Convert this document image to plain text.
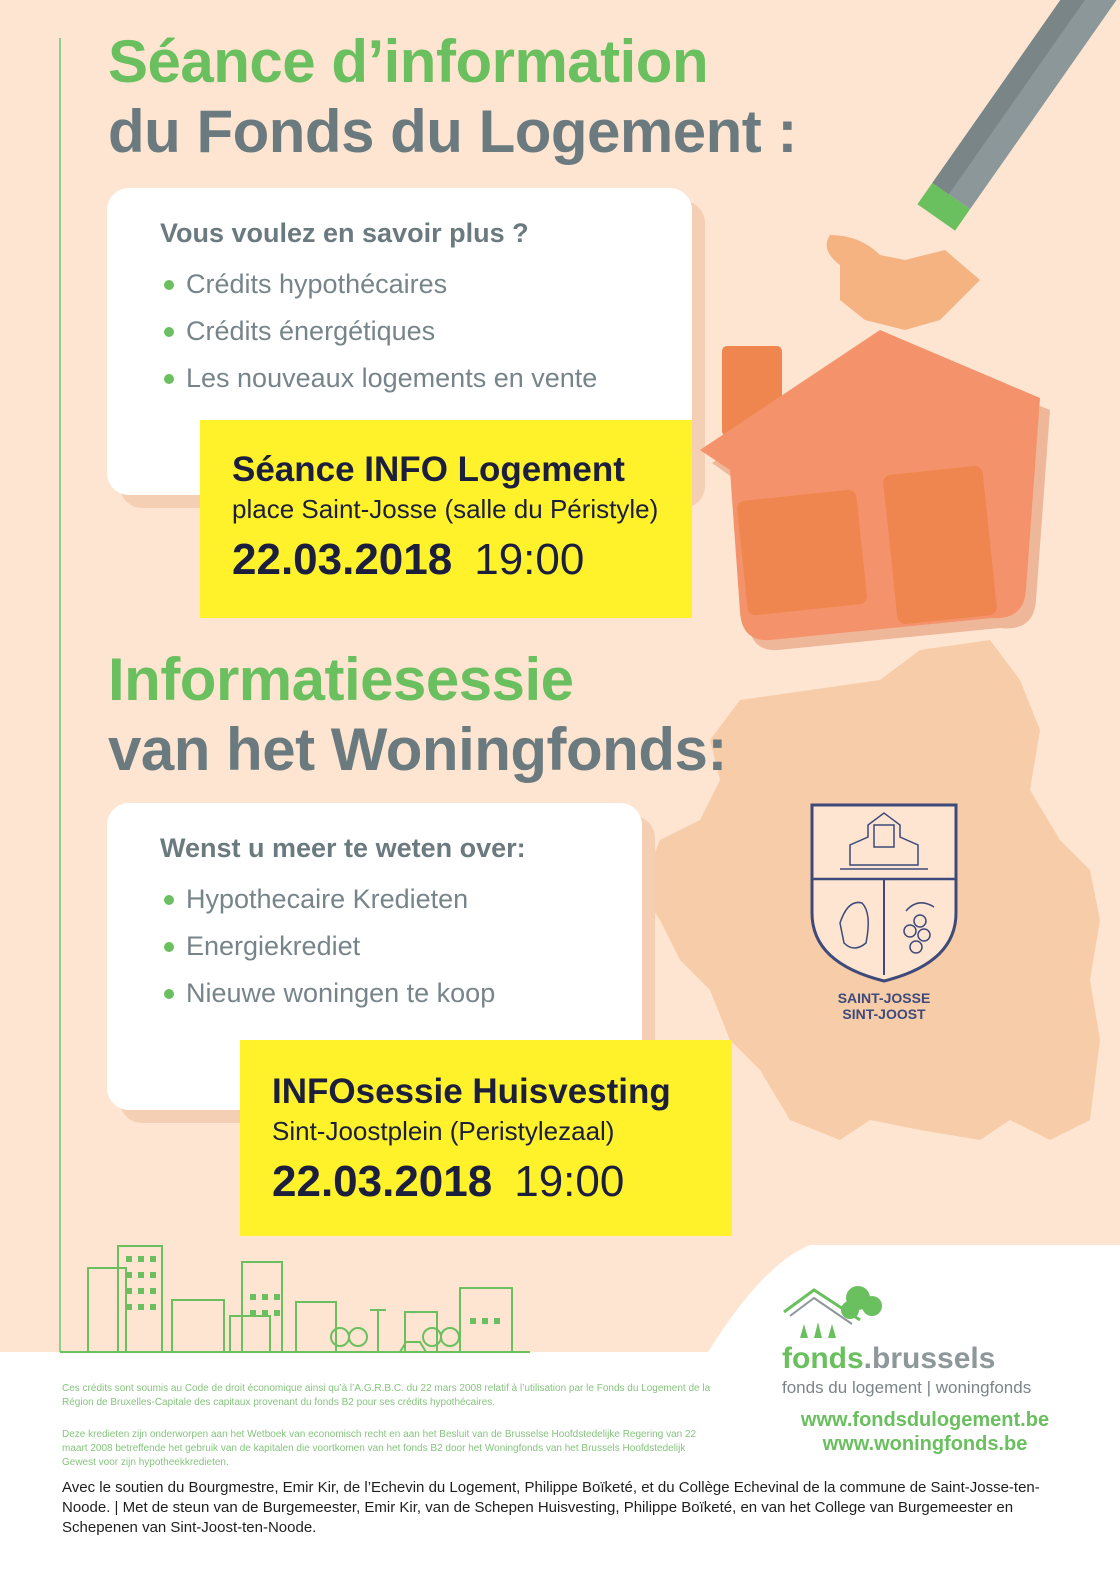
Séance d’information
du Fonds du Logement :

Vous voulez en savoir plus ?

Crédits hypothécaires
Crédits énergétiques
Les nouveaux logements en vente
Séance INFO Logement
place Saint-Josse (salle du Péristyle)
22.03.2018 19:00
Informatiesessie
van het Woningfonds:

Wenst u meer te weten over:

Hypothecaire Kredieten
Energiekrediet
Nieuwe woningen te koop
INFOsessie Huisvesting
Sint-Joostplein (Peristylezaal)
22.03.2018 19:00
SAINT-JOSSE
SINT-JOOST
Ces crédits sont soumis au Code de droit économique ainsi qu’à l’A.G.R.B.C. du 22 mars 2008 relatif à l’utilisation par le Fonds du Logement de la Région de Bruxelles-Capitale des capitaux provenant du fonds B2 pour ses crédits hypothécaires.
Deze kredieten zijn onderworpen aan het Wetboek van economisch recht en aan het Besluit van de Brusselse Hoofdstedelijke Regering van 22 maart 2008 betreffende het gebruik van de kapitalen die voortkomen van het fonds B2 door het Woningfonds van het Brussels Hoofdstedelijk Gewest voor zijn hypotheekkredieten.
Avec le soutien du Bourgmestre, Emir Kir, de l’Echevin du Logement, Philippe Boïketé, et du Collège Echevinal de la commune de Saint-Josse-ten-Noode. | Met de steun van de Burgemeester, Emir Kir, van de Schepen Huisvesting, Philippe Boïketé, en van het College van Burgemeester en Schepenen van Sint-Joost-ten-Noode.
fonds.brussels
fonds du logement | woningfonds
www.fondsdulogement.be
www.woningfonds.be
